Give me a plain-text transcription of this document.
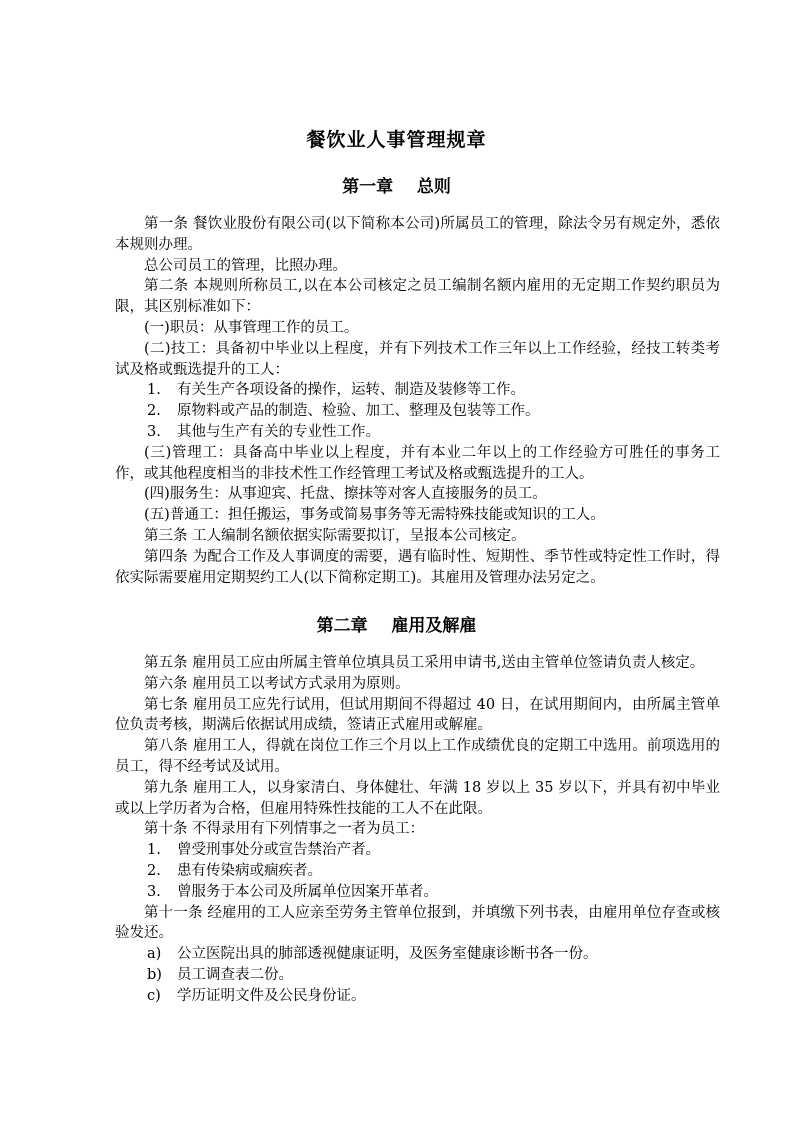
餐饮业人事管理规章
第一章    总则

第一条 餐饮业股份有限公司(以下简称本公司)所属员工的管理，除法令另有规定外，悉依本规则办理。

总公司员工的管理，比照办理。

第二条 本规则所称员工,以在本公司核定之员工编制名额内雇用的无定期工作契约职员为限，其区别标准如下：

(一)职员：从事管理工作的员工。

(二)技工：具备初中毕业以上程度，并有下列技术工作三年以上工作经验，经技工转类考试及格或甄选提升的工人：

1. 有关生产各项设备的操作，运转、制造及装修等工作。
2. 原物料或产品的制造、检验、加工、整理及包装等工作。
3. 其他与生产有关的专业性工作。

(三)管理工：具备高中毕业以上程度，并有本业二年以上的工作经验方可胜任的事务工作，或其他程度相当的非技术性工作经管理工考试及格或甄选提升的工人。

(四)服务生：从事迎宾、托盘、擦抹等对客人直接服务的员工。

(五)普通工：担任搬运，事务或简易事务等无需特殊技能或知识的工人。

第三条 工人编制名额依据实际需要拟订，呈报本公司核定。

第四条 为配合工作及人事调度的需要，遇有临时性、短期性、季节性或特定性工作时，得依实际需要雇用定期契约工人(以下简称定期工)。其雇用及管理办法另定之。

第二章    雇用及解雇

第五条 雇用员工应由所属主管单位填具员工采用申请书,送由主管单位签请负责人核定。

第六条 雇用员工以考试方式录用为原则。

第七条 雇用员工应先行试用，但试用期间不得超过 40 日，在试用期间内，由所属主管单位负责考核，期满后依据试用成绩，签请正式雇用或解雇。

第八条 雇用工人，得就在岗位工作三个月以上工作成绩优良的定期工中选用。前项选用的员工，得不经考试及试用。

第九条 雇用工人，以身家清白、身体健壮、年满 18 岁以上 35 岁以下，并具有初中毕业或以上学历者为合格，但雇用特殊性技能的工人不在此限。

第十条 不得录用有下列情事之一者为员工：

1. 曾受刑事处分或宣告禁治产者。
2. 患有传染病或痼疾者。
3. 曾服务于本公司及所属单位因案开革者。

第十一条 经雇用的工人应亲至劳务主管单位报到，并填缴下列书表，由雇用单位存查或核验发还。

a) 公立医院出具的肺部透视健康证明，及医务室健康诊断书各一份。
b) 员工调查表二份。
c) 学历证明文件及公民身份证。
